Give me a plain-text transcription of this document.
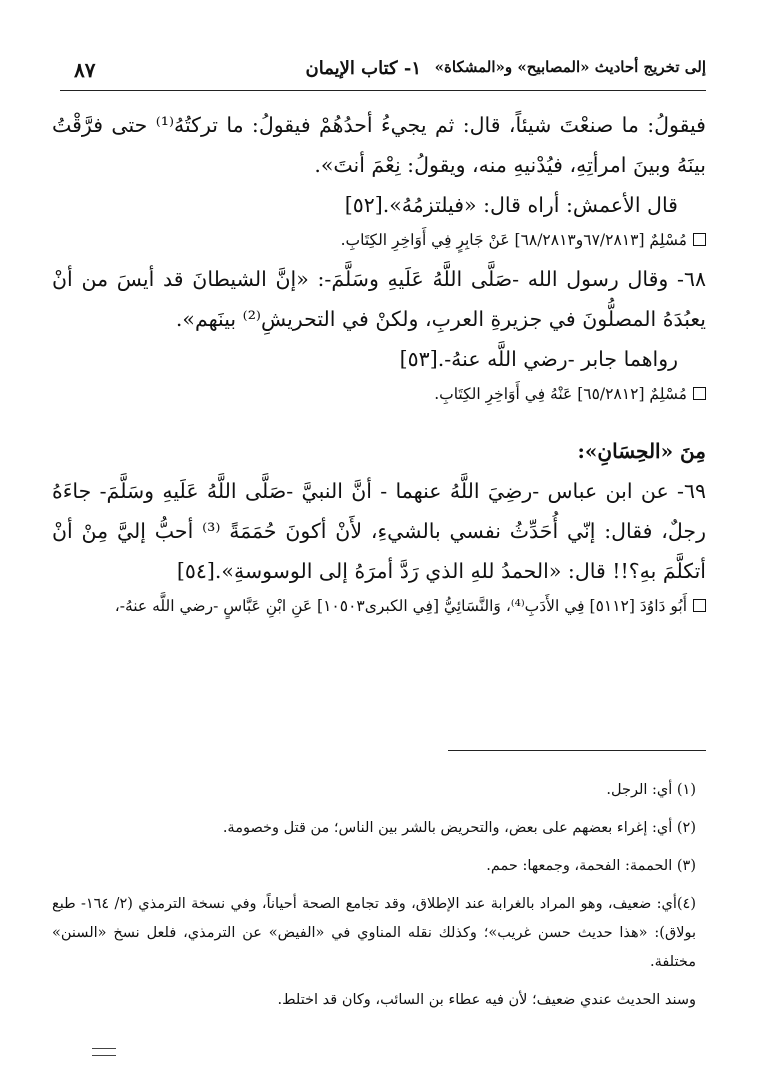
إلى تخريج أحاديث «المصابيح» و«المشكاة»
١- كتاب الإيمان
٨٧

فيقولُ: ما صنعْتَ شيئاً، قال: ثم يجيءُ أحدُهُمْ فيقولُ: ما تركتُهُ⁽¹⁾ حتى فرَّقْتُ بينَهُ وبينَ امرأتِهِ، فيُدْنيهِ منه، ويقولُ: نِعْمَ أنتَ».

قال الأعمش: أراه قال: «فيلتزمُهُ».[٥٢]

مُسْلِمٌ [٦٧/٢٨١٣و٦٨/٢٨١٣] عَنْ جَابِرٍ فِي أَوَاخِرِ الكِتَابِ.

٦٨- وقال رسول الله -صَلَّى اللَّهُ عَلَيهِ وسَلَّمَ-: «إنَّ الشيطانَ قد أيسَ من أنْ يعبُدَهُ المصلُّونَ في جزيرةِ العربِ، ولكنْ في التحريشِ⁽²⁾ بينَهم».

رواهما جابر -رضي اللَّه عنهُ-.[٥٣]

مُسْلِمٌ [٦٥/٢٨١٢] عَنْهُ فِي أَوَاخِرِ الكِتَابِ.

مِنَ «الحِسَانِ»:

٦٩- عن ابن عباس -رضِيَ اللَّهُ عنهما - أنَّ النبيَّ -صَلَّى اللَّهُ عَلَيهِ وسَلَّمَ- جاءَهُ رجلٌ، فقال: إنّي أُحَدِّثُ نفسي بالشيءِ، لأَنْ أكونَ حُمَمَةً ⁽³⁾ أحبُّ إليَّ مِنْ أنْ أتكلَّمَ بهِ؟!! قال: «الحمدُ للهِ الذي رَدَّ أمرَهُ إلى الوسوسةِ».[٥٤]

أَبُو دَاوُدَ [٥١١٢] فِي الأَدَبِ⁽⁴⁾، وَالنَّسَائِيُّ [فِي الكبرى١٠٥٠٣] عَنِ ابْنِ عَبَّاسٍ -رضي اللَّه عنهُ-،

(١) أي: الرجل.

(٢) أي: إغراء بعضهم على بعض، والتحريض بالشر بين الناس؛ من قتل وخصومة.

(٣) الحممة: الفحمة، وجمعها: حمم.

(٤)أي: ضعيف، وهو المراد بالغرابة عند الإطلاق، وقد تجامع الصحة أحياناً، وفي نسخة الترمذي (٢/ ١٦٤- طبع بولاق): «هذا حديث حسن غريب»؛ وكذلك نقله المناوي في «الفيض» عن الترمذي، فلعل نسخ «السنن» مختلفة.

وسند الحديث عندي ضعيف؛ لأن فيه عطاء بن السائب، وكان قد اختلط.
